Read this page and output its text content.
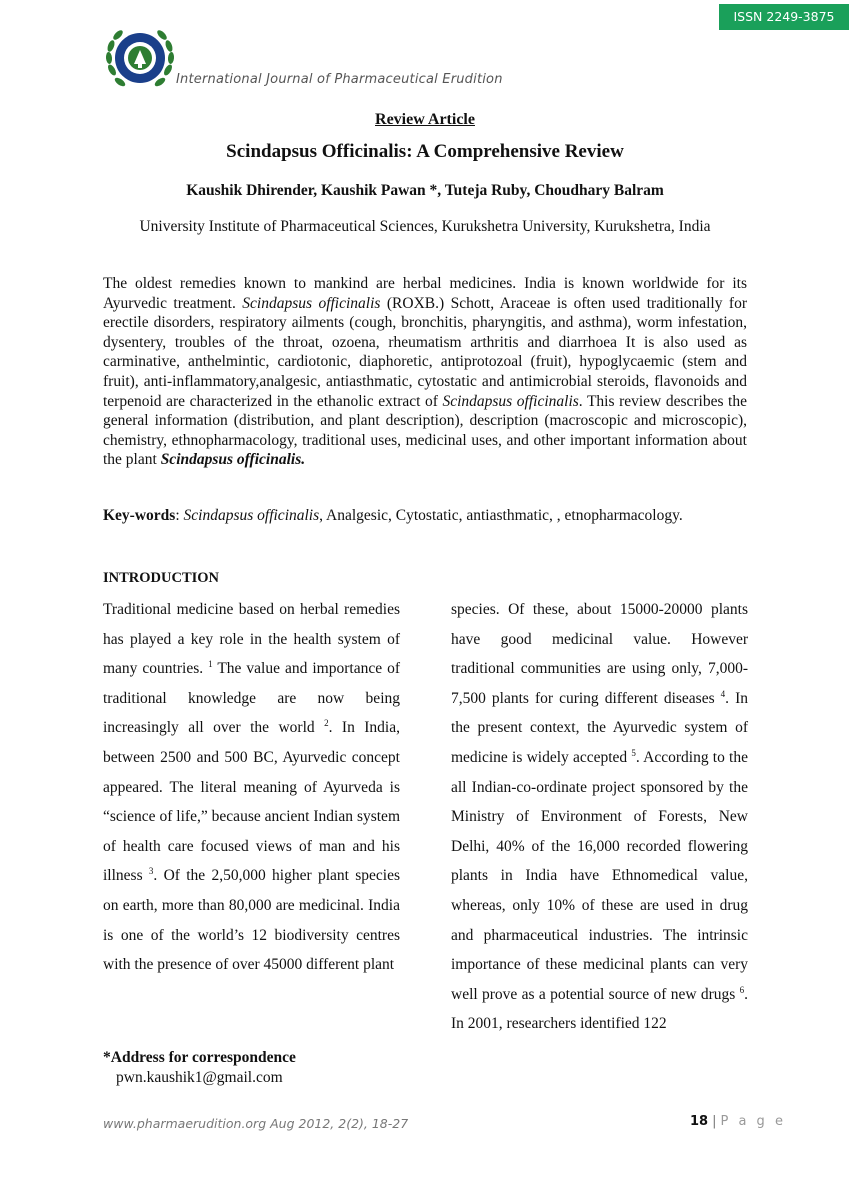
ISSN 2249-3875
International Journal of Pharmaceutical Erudition
Review Article
Scindapsus Officinalis: A Comprehensive Review
Kaushik Dhirender, Kaushik Pawan *, Tuteja Ruby, Choudhary Balram
University Institute of Pharmaceutical Sciences, Kurukshetra University, Kurukshetra, India
The oldest remedies known to mankind are herbal medicines. India is known worldwide for its Ayurvedic treatment. Scindapsus officinalis (ROXB.) Schott, Araceae is often used traditionally for erectile disorders, respiratory ailments (cough, bronchitis, pharyngitis, and asthma), worm infestation, dysentery, troubles of the throat, ozoena, rheumatism arthritis and diarrhoea It is also used as carminative, anthelmintic, cardiotonic, diaphoretic, antiprotozoal (fruit), hypoglycaemic (stem and fruit), anti-inflammatory,analgesic, antiasthmatic, cytostatic and antimicrobial steroids, flavonoids and terpenoid are characterized in the ethanolic extract of Scindapsus officinalis. This review describes the general information (distribution, and plant description), description (macroscopic and microscopic), chemistry, ethnopharmacology, traditional uses, medicinal uses, and other important information about the plant Scindapsus officinalis.
Key-words: Scindapsus officinalis, Analgesic, Cytostatic, antiasthmatic, , etnopharmacology.
INTRODUCTION
Traditional medicine based on herbal remedies has played a key role in the health system of many countries. $^1$ The value and importance of traditional knowledge are now being increasingly all over the world $^2$. In India, between 2500 and 500 BC, Ayurvedic concept appeared. The literal meaning of Ayurveda is “science of life,” because ancient Indian system of health care focused views of man and his illness $^3$. Of the 2,50,000 higher plant species on earth, more than 80,000 are medicinal. India is one of the world’s 12 biodiversity centres with the presence of over 45000 different plant
species. Of these, about 15000-20000 plants have good medicinal value. However traditional communities are using only, 7,000-7,500 plants for curing different diseases $^4$. In the present context, the Ayurvedic system of medicine is widely accepted $^5$. According to the all Indian-co-ordinate project sponsored by the Ministry of Environment of Forests, New Delhi, 40% of the 16,000 recorded flowering plants in India have Ethnomedical value, whereas, only 10% of these are used in drug and pharmaceutical industries. The intrinsic importance of these medicinal plants can very well prove as a potential source of new drugs $^6$. In 2001, researchers identified 122
*Address for correspondence
pwn.kaushik1@gmail.com
www.pharmaerudition.org Aug 2012, 2(2), 18-27	18 | P a g e
